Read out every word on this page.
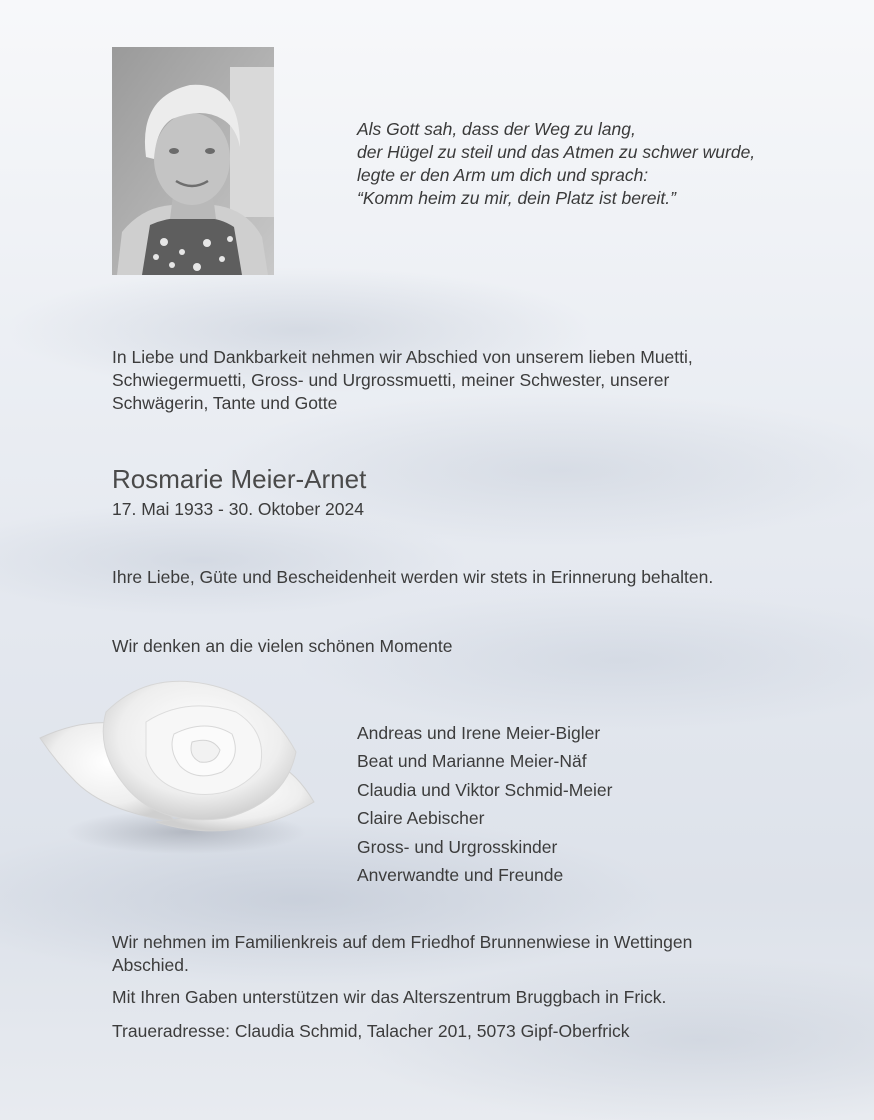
Als Gott sah, dass der Weg zu lang,
der Hügel zu steil und das Atmen zu schwer wurde,
legte er den Arm um dich und sprach:
“Komm heim zu mir, dein Platz ist bereit.”
In Liebe und Dankbarkeit nehmen wir Abschied von unserem lieben Muetti,
Schwiegermuetti, Gross- und Urgrossmuetti, meiner Schwester, unserer
Schwägerin, Tante und Gotte
Rosmarie Meier-Arnet
17. Mai 1933 - 30. Oktober 2024
Ihre Liebe, Güte und Bescheidenheit werden wir stets in Erinnerung behalten.
Wir denken an die vielen schönen Momente
Andreas und Irene Meier-Bigler
Beat und Marianne Meier-Näf
Claudia und Viktor Schmid-Meier
Claire Aebischer
Gross- und Urgrosskinder
Anverwandte und Freunde
Wir nehmen im Familienkreis auf dem Friedhof Brunnenwiese in Wettingen
Abschied.
Mit Ihren Gaben unterstützen wir das Alterszentrum Bruggbach in Frick.
Traueradresse: Claudia Schmid, Talacher 201, 5073 Gipf-Oberfrick
